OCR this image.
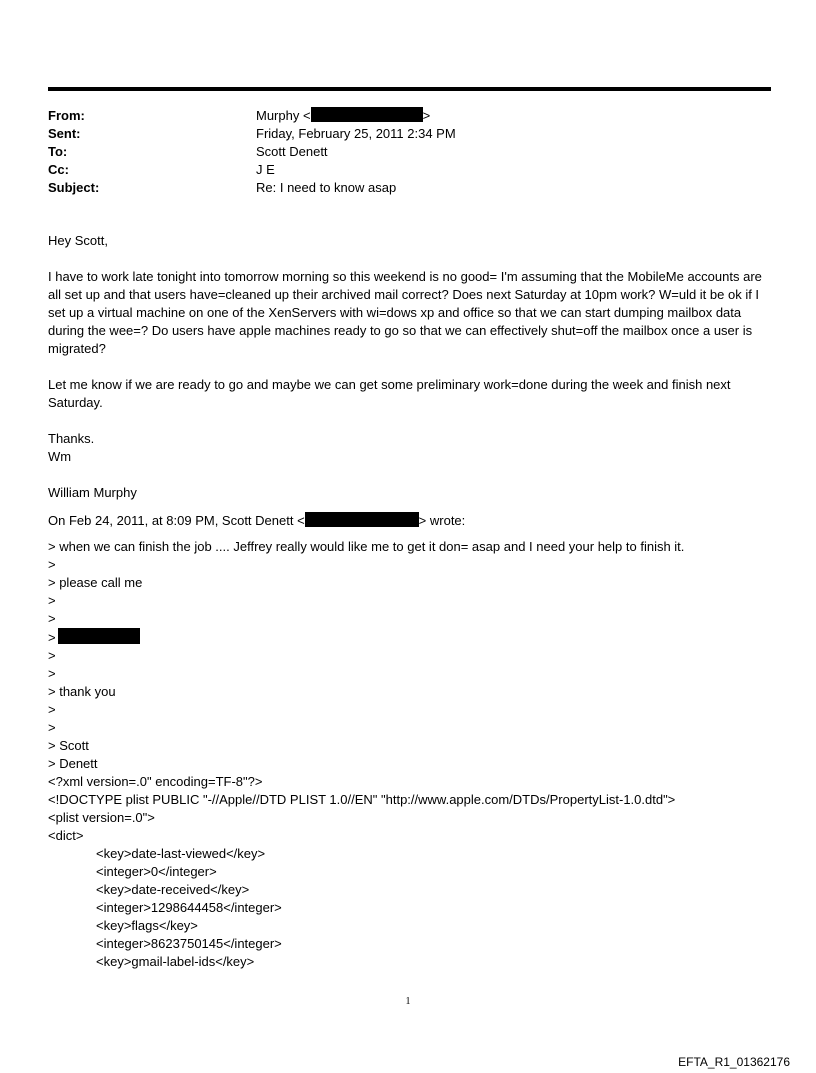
From:	Murphy <	>
Sent:	Friday, February 25, 2011 2:34 PM
To:	Scott Denett
Cc:	J E
Subject:	Re: I need to know asap

Hey Scott,

I have to work late tonight into tomorrow morning so this weekend is no good= I'm assuming that the MobileMe accounts are all set up and that users have=cleaned up their archived mail correct? Does next Saturday at 10pm work? W=uld it be ok if I set up a virtual machine on one of the XenServers with wi=dows xp and office so that we can start dumping mailbox data during the wee=? Do users have apple machines ready to go so that we can effectively shut=off the mailbox once a user is migrated?

Let me know if we are ready to go and maybe we can get some preliminary work=done during the week and finish next Saturday.

Thanks.

Wm

William Murphy

On Feb 24, 2011, at 8:09 PM, Scott Denett <	> wrote:

> when we can finish the job .... Jeffrey really would like me to get it don= asap and I need your help to finish it.

>

> please call me

>

>

>

>

>

> thank you

>

>

> Scott

> Denett

<?xml version=.0" encoding=TF-8"?>

<!DOCTYPE plist PUBLIC "-//Apple//DTD PLIST 1.0//EN" "http://www.apple.com/DTDs/PropertyList-1.0.dtd">

<plist version=.0">

<dict>

<key>date-last-viewed</key>

<integer>0</integer>

<key>date-received</key>

<integer>1298644458</integer>

<key>flags</key>

<integer>8623750145</integer>

<key>gmail-label-ids</key>

1
EFTA_R1_01362176
